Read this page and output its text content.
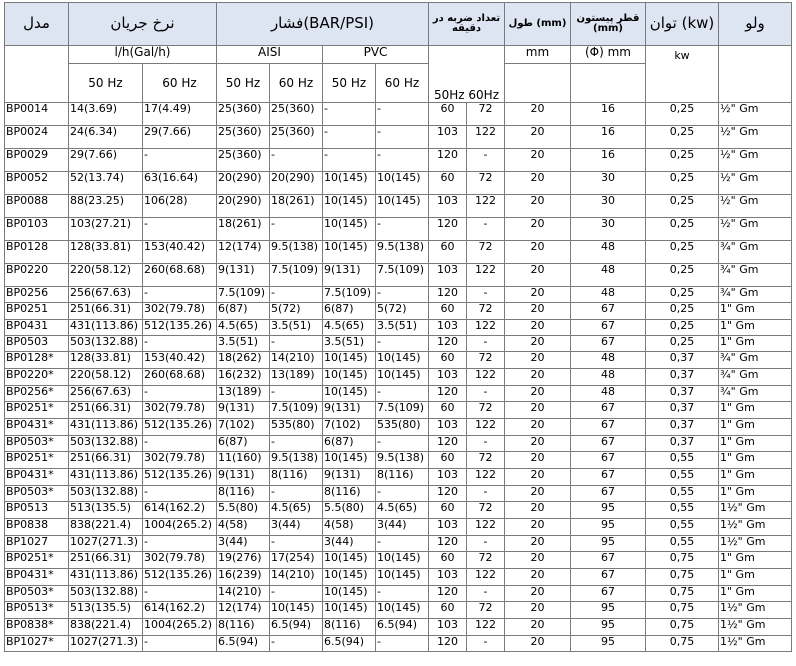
مدل	نرخ جریان		فشار(BAR/PSI)				تعداد ضربه در دقیقه		طول (mm)	قطر پیستون (mm)	توان (kw)	ولو
	l/h(Gal/h)		AISI		PVC		50Hz 60Hz		mm	(Φ) mm	kw	
	50 Hz	60 Hz	50 Hz	60 Hz	50 Hz	60 Hz						
BP0014	14(3.69)	17(4.49)	25(360)	25(360)	-	-	60	72	20	16	0,25	½" Gm
BP0024	24(6.34)	29(7.66)	25(360)	25(360)	-	-	103	122	20	16	0,25	½" Gm
BP0029	29(7.66)	-	25(360)	-	-	-	120	-	20	16	0,25	½" Gm
BP0052	52(13.74)	63(16.64)	20(290)	20(290)	10(145)	10(145)	60	72	20	30	0,25	½" Gm
BP0088	88(23.25)	106(28)	20(290)	18(261)	10(145)	10(145)	103	122	20	30	0,25	½" Gm
BP0103	103(27.21)	-	18(261)	-	10(145)	-	120	-	20	30	0,25	½" Gm
BP0128	128(33.81)	153(40.42)	12(174)	9.5(138)	10(145)	9.5(138)	60	72	20	48	0,25	¾" Gm
BP0220	220(58.12)	260(68.68)	9(131)	7.5(109)	9(131)	7.5(109)	103	122	20	48	0,25	¾" Gm
BP0256	256(67.63)	-	7.5(109)	-	7.5(109)	-	120	-	20	48	0,25	¾" Gm
BP0251	251(66.31)	302(79.78)	6(87)	5(72)	6(87)	5(72)	60	72	20	67	0,25	1" Gm
BP0431	431(113.86)	512(135.26)	4.5(65)	3.5(51)	4.5(65)	3.5(51)	103	122	20	67	0,25	1" Gm
BP0503	503(132.88)	-	3.5(51)	-	3.5(51)	-	120	-	20	67	0,25	1" Gm
BP0128*	128(33.81)	153(40.42)	18(262)	14(210)	10(145)	10(145)	60	72	20	48	0,37	¾" Gm
BP0220*	220(58.12)	260(68.68)	16(232)	13(189)	10(145)	10(145)	103	122	20	48	0,37	¾" Gm
BP0256*	256(67.63)	-	13(189)	-	10(145)	-	120	-	20	48	0,37	¾" Gm
BP0251*	251(66.31)	302(79.78)	9(131)	7.5(109)	9(131)	7.5(109)	60	72	20	67	0,37	1" Gm
BP0431*	431(113.86)	512(135.26)	7(102)	535(80)	7(102)	535(80)	103	122	20	67	0,37	1" Gm
BP0503*	503(132.88)	-	6(87)	-	6(87)	-	120	-	20	67	0,37	1" Gm
BP0251*	251(66.31)	302(79.78)	11(160)	9.5(138)	10(145)	9.5(138)	60	72	20	67	0,55	1" Gm
BP0431*	431(113.86)	512(135.26)	9(131)	8(116)	9(131)	8(116)	103	122	20	67	0,55	1" Gm
BP0503*	503(132.88)	-	8(116)	-	8(116)	-	120	-	20	67	0,55	1" Gm
BP0513	513(135.5)	614(162.2)	5.5(80)	4.5(65)	5.5(80)	4.5(65)	60	72	20	95	0,55	1½" Gm
BP0838	838(221.4)	1004(265.2)	4(58)	3(44)	4(58)	3(44)	103	122	20	95	0,55	1½" Gm
BP1027	1027(271.3)	-	3(44)	-	3(44)	-	120	-	20	95	0,55	1½" Gm
BP0251*	251(66.31)	302(79.78)	19(276)	17(254)	10(145)	10(145)	60	72	20	67	0,75	1" Gm
BP0431*	431(113.86)	512(135.26)	16(239)	14(210)	10(145)	10(145)	103	122	20	67	0,75	1" Gm
BP0503*	503(132.88)	-	14(210)	-	10(145)	-	120	-	20	67	0,75	1" Gm
BP0513*	513(135.5)	614(162.2)	12(174)	10(145)	10(145)	10(145)	60	72	20	95	0,75	1½" Gm
BP0838*	838(221.4)	1004(265.2)	8(116)	6.5(94)	8(116)	6.5(94)	103	122	20	95	0,75	1½" Gm
BP1027*	1027(271.3)	-	6.5(94)	-	6.5(94)	-	120	-	20	95	0,75	1½" Gm
